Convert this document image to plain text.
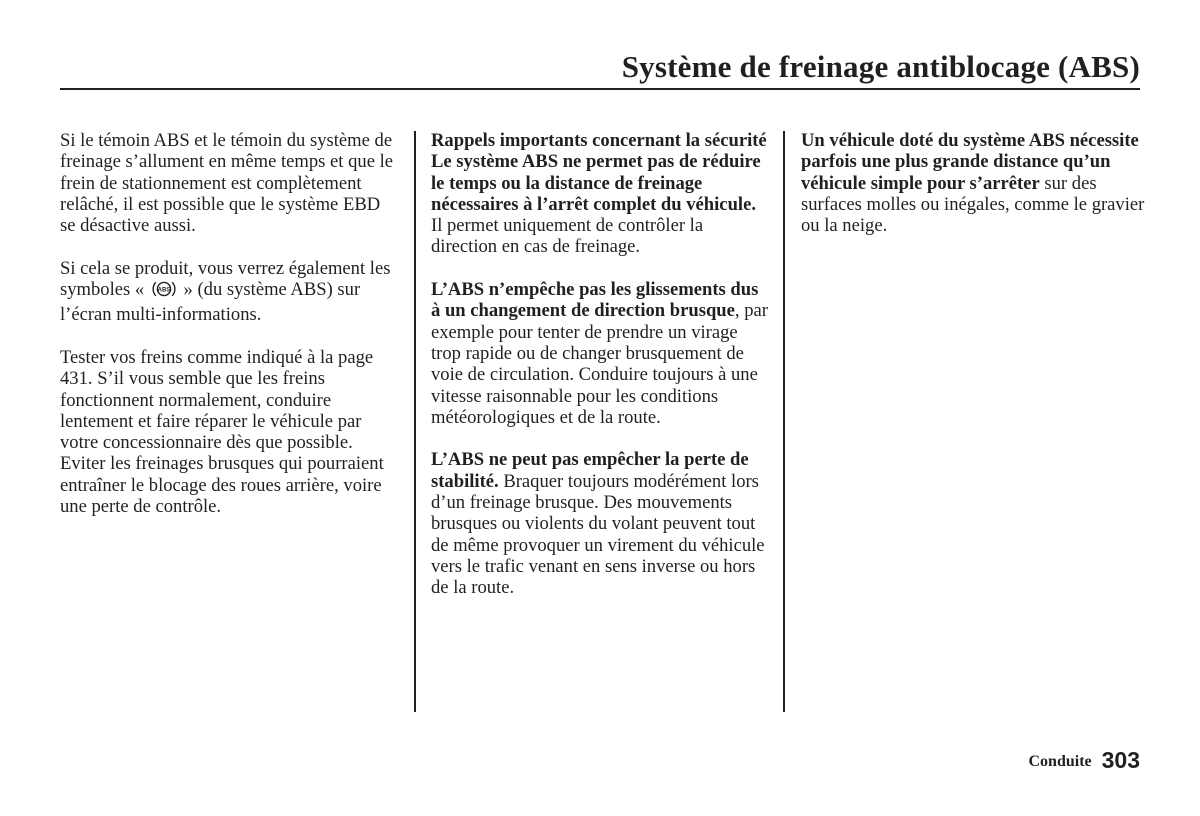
Système de freinage antiblocage (ABS)

Si le témoin ABS et le témoin du système de freinage s’allument en même temps et que le frein de stationnement est complètement relâché, il est possible que le système EBD se désactive aussi.

Si cela se produit, vous verrez également les symboles « ABS » (du système ABS) sur l’écran multi-informations.

Tester vos freins comme indiqué à la page 431. S’il vous semble que les freins fonctionnent normalement, conduire lentement et faire réparer le véhicule par votre concessionnaire dès que possible. Eviter les freinages brusques qui pourraient entraîner le blocage des roues arrière, voire une perte de contrôle.

Rappels importants concernant la sécurité Le système ABS ne permet pas de réduire le temps ou la distance de freinage nécessaires à l’arrêt complet du véhicule. Il permet uniquement de contrôler la direction en cas de freinage.

L’ABS n’empêche pas les glissements dus à un changement de direction brusque, par exemple pour tenter de prendre un virage trop rapide ou de changer brusquement de voie de circulation. Conduire toujours à une vitesse raisonnable pour les conditions météorologiques et de la route.

L’ABS ne peut pas empêcher la perte de stabilité. Braquer toujours modérément lors d’un freinage brusque. Des mouvements brusques ou violents du volant peuvent tout de même provoquer un virement du véhicule vers le trafic venant en sens inverse ou hors de la route.

Un véhicule doté du système ABS nécessite parfois une plus grande distance qu’un véhicule simple pour s’arrêter sur des surfaces molles ou inégales, comme le gravier ou la neige.

Conduite 303
